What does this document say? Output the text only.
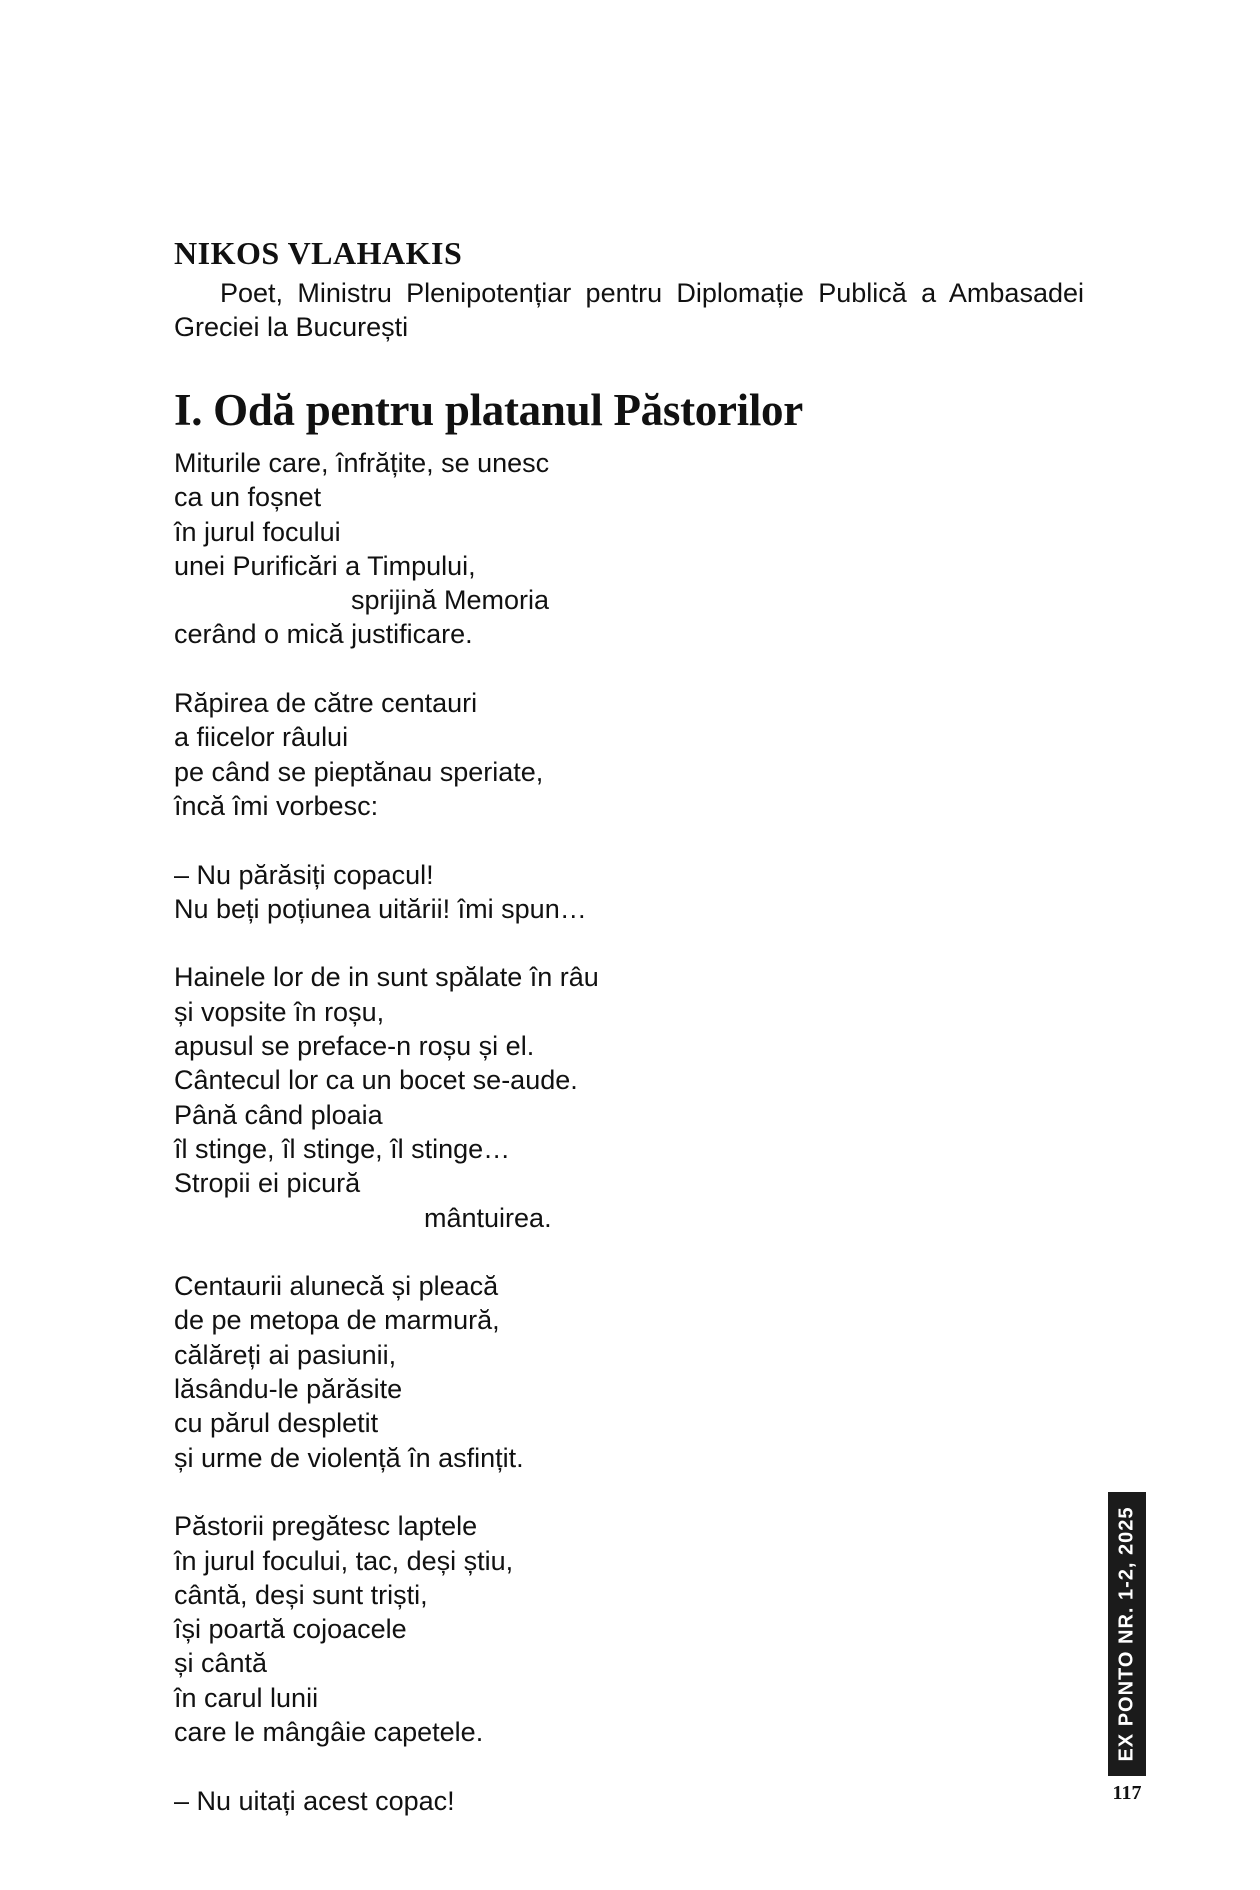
NIKOS VLAHAKIS

Poet, Ministru Plenipotențiar pentru Diplomație Publică a Ambasadei Greciei la București

I. Odă pentru platanul Păstorilor
Miturile care, înfrățite, se unesc
ca un foșnet
în jurul focului
unei Purificări a Timpului,
sprijină Memoria
cerând o mică justificare.
Răpirea de către centauri
a fiicelor râului
pe când se pieptănau speriate,
încă îmi vorbesc:
– Nu părăsiți copacul!
Nu beți poțiunea uitării! îmi spun…
Hainele lor de in sunt spălate în râu
și vopsite în roșu,
apusul se preface-n roșu și el.
Cântecul lor ca un bocet se-aude.
Până când ploaia
îl stinge, îl stinge, îl stinge…
Stropii ei picură
mântuirea.
Centaurii alunecă și pleacă
de pe metopa de marmură,
călăreți ai pasiunii,
lăsându-le părăsite
cu părul despletit
și urme de violență în asfințit.
Păstorii pregătesc laptele
în jurul focului, tac, deși știu,
cântă, deși sunt triști,
își poartă cojoacele
și cântă
în carul lunii
care le mângâie capetele.
– Nu uitați acest copac!
EX PONTO NR. 1-2, 2025
117
